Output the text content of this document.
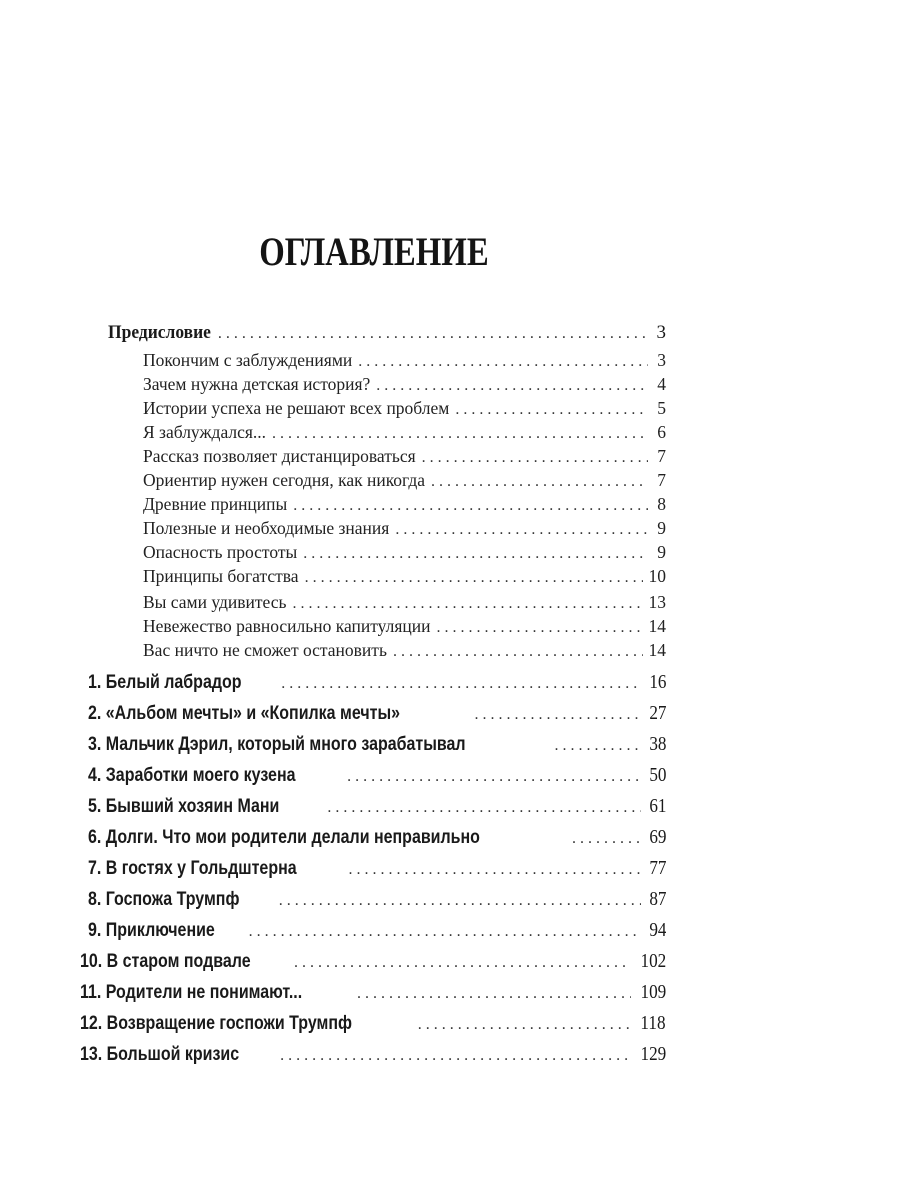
ОГЛАВЛЕНИЕ
Предисловие . . .	3
Покончим с заблуждениями . . .	3
Зачем нужна детская история? . . .	4
Истории успеха не решают всех проблем . . .	5
Я заблуждался... . . .	6
Рассказ позволяет дистанцироваться . . .	7
Ориентир нужен сегодня, как никогда . . .	7
Древние принципы . . .	8
Полезные и необходимые знания . . .	9
Опасность простоты . . .	9
Принципы богатства . . .	10
Вы сами удивитесь . . .	13
Невежество равносильно капитуляции . . .	14
Вас ничто не сможет остановить . . .	14
1. Белый лабрадор . . .	16
2. «Альбом мечты» и «Копилка мечты» . . .	27
3. Мальчик Дэрил, который много зарабатывал . . .	38
4. Заработки моего кузена . . .	50
5. Бывший хозяин Мани . . .	61
6. Долги. Что мои родители делали неправильно . . .	69
7. В гостях у Гольдштерна . . .	77
8. Госпожа Трумпф . . .	87
9. Приключение . . .	94
10. В старом подвале . . .	102
11. Родители не понимают... . . .	109
12. Возвращение госпожи Трумпф . . .	118
13. Большой кризис . . .	129
